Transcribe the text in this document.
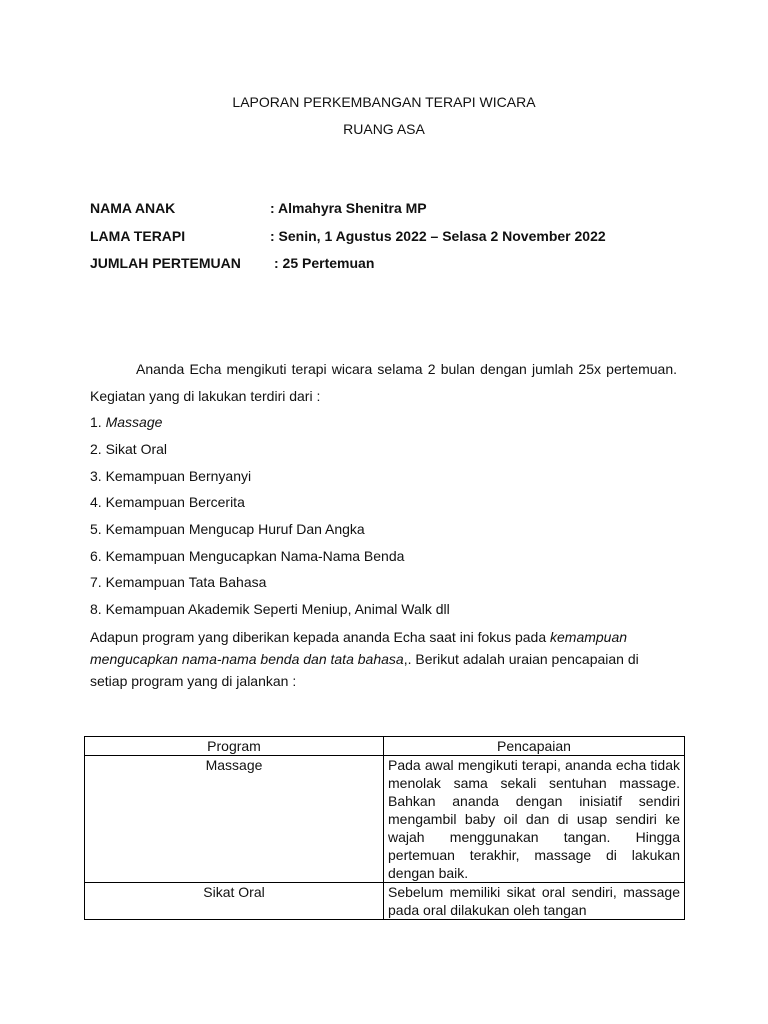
LAPORAN PERKEMBANGAN TERAPI WICARA
RUANG ASA
NAMA ANAK	: Almahyra Shenitra MP
LAMA TERAPI	: Senin, 1 Agustus 2022 – Selasa 2 November 2022
JUMLAH PERTEMUAN : 25 Pertemuan
Ananda Echa mengikuti terapi wicara selama 2 bulan dengan jumlah 25x pertemuan. Kegiatan yang di lakukan terdiri dari :
1. Massage
2. Sikat Oral
3. Kemampuan Bernyanyi
4. Kemampuan Bercerita
5. Kemampuan Mengucap Huruf Dan Angka
6. Kemampuan Mengucapkan Nama-Nama Benda
7. Kemampuan Tata Bahasa
8. Kemampuan Akademik Seperti Meniup, Animal Walk dll
Adapun program yang diberikan kepada ananda Echa saat ini fokus pada kemampuan mengucapkan nama-nama benda dan tata bahasa,. Berikut adalah uraian pencapaian di setiap program yang di jalankan :
Program	Pencapaian
Massage	Pada awal mengikuti terapi, ananda echa tidak menolak sama sekali sentuhan massage. Bahkan ananda dengan inisiatif sendiri mengambil baby oil dan di usap sendiri ke wajah menggunakan tangan. Hingga pertemuan terakhir, massage di lakukan dengan baik.
Sikat Oral	Sebelum memiliki sikat oral sendiri, massage pada oral dilakukan oleh tangan
